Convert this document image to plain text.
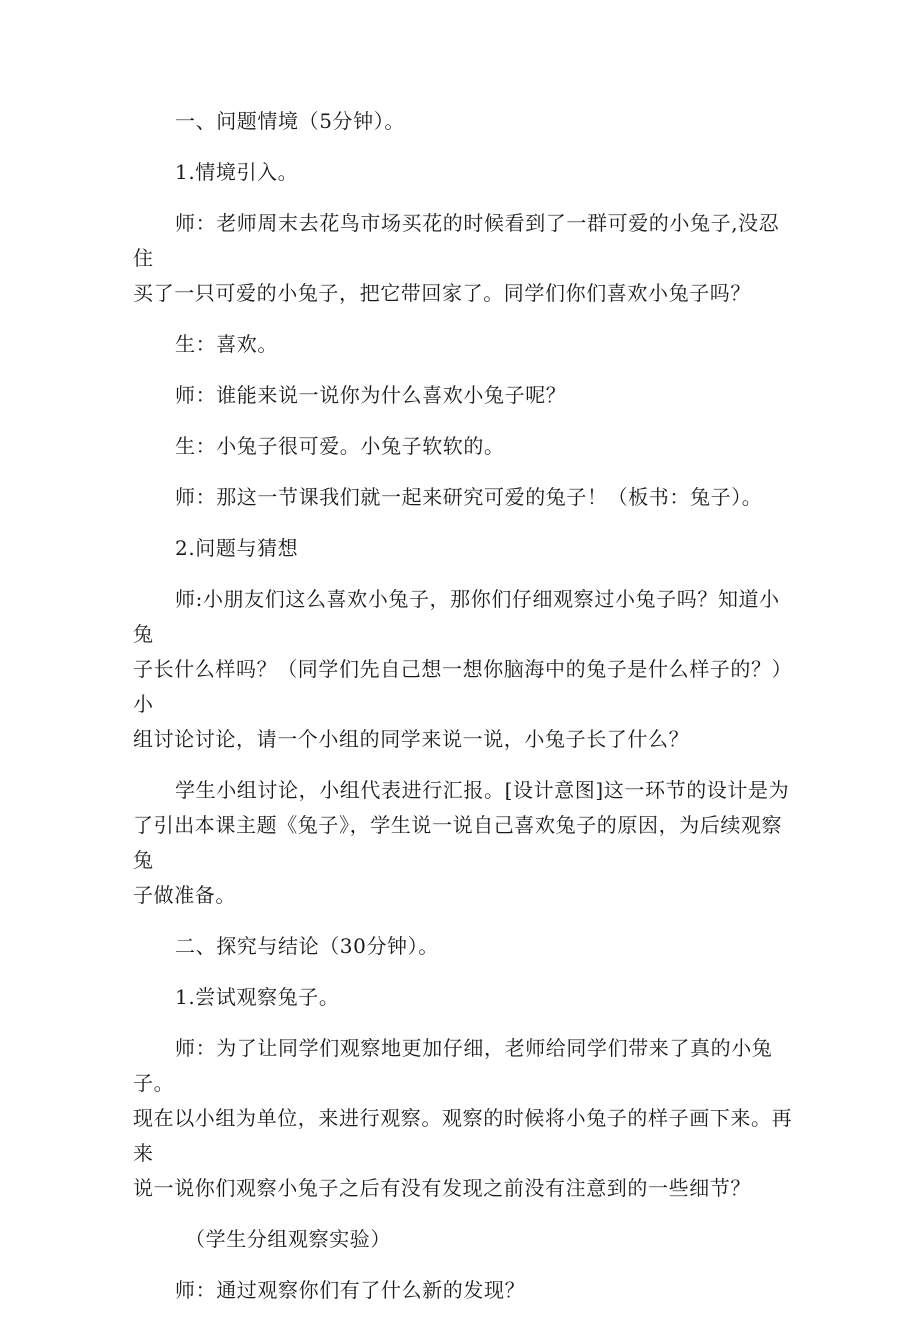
一、问题情境（5分钟）。

1.情境引入。

师：老师周末去花鸟市场买花的时候看到了一群可爱的小兔子,没忍住
买了一只可爱的小兔子，把它带回家了。同学们你们喜欢小兔子吗？

生：喜欢。

师：谁能来说一说你为什么喜欢小兔子呢？

生：小兔子很可爱。小兔子软软的。

师：那这一节课我们就一起来研究可爱的兔子！（板书：兔子）。

2.问题与猜想

师:小朋友们这么喜欢小兔子，那你们仔细观察过小兔子吗？知道小兔
子长什么样吗？（同学们先自己想一想你脑海中的兔子是什么样子的？）小
组讨论讨论，请一个小组的同学来说一说，小兔子长了什么？

学生小组讨论，小组代表进行汇报。[设计意图]这一环节的设计是为
了引出本课主题《兔子》，学生说一说自己喜欢兔子的原因，为后续观察兔
子做准备。

二、探究与结论（30分钟）。

1.尝试观察兔子。

师：为了让同学们观察地更加仔细，老师给同学们带来了真的小兔子。
现在以小组为单位，来进行观察。观察的时候将小兔子的样子画下来。再来
说一说你们观察小兔子之后有没有发现之前没有注意到的一些细节？

（学生分组观察实验）

师：通过观察你们有了什么新的发现？
